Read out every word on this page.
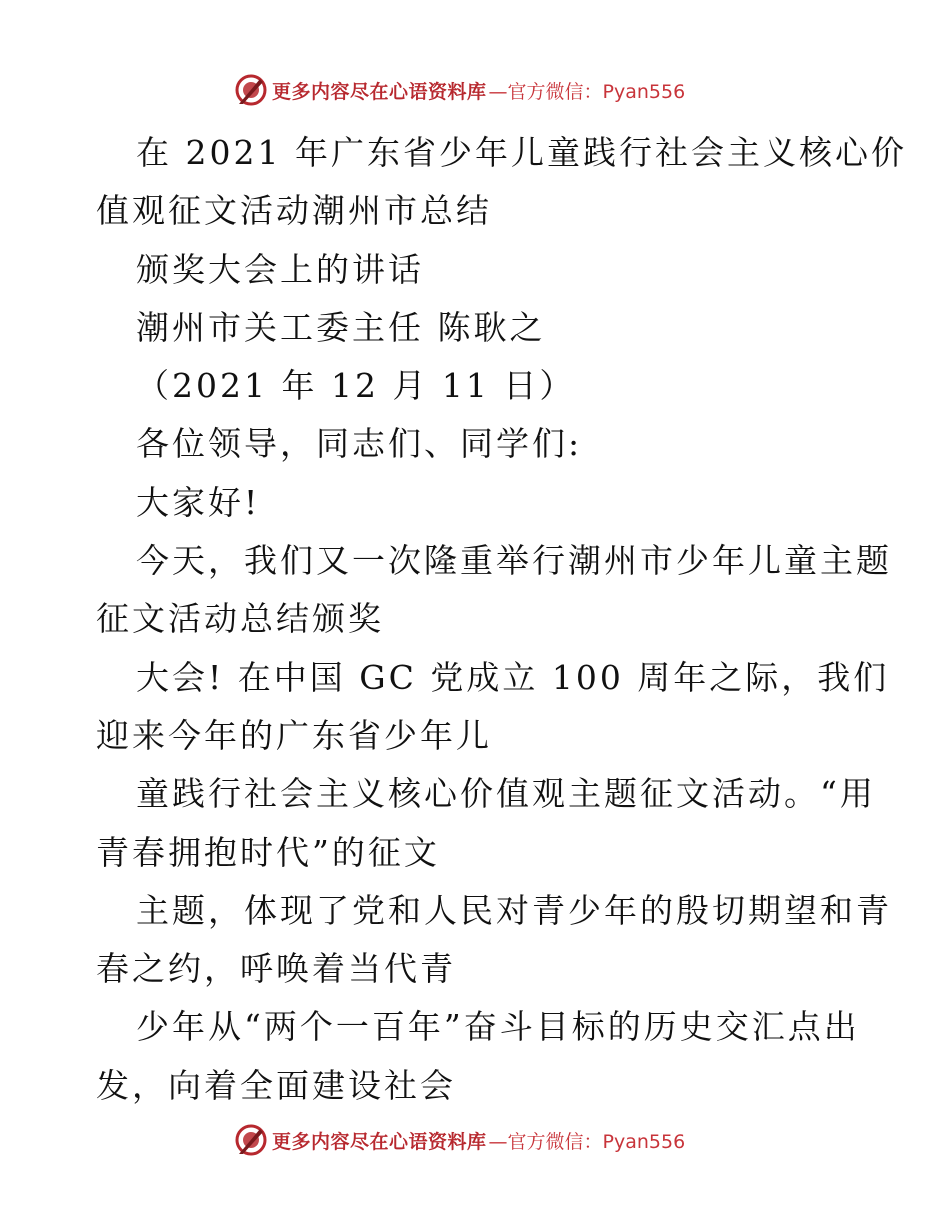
更多内容尽在心语资料库 —官方微信：Pyan556
在 2021 年广东省少年儿童践行社会主义核心价
值观征文活动潮州市总结
颁奖大会上的讲话
潮州市关工委主任 陈耿之
（2021 年 12 月 11 日）
各位领导，同志们、同学们:
大家好!
今天，我们又一次隆重举行潮州市少年儿童主题
征文活动总结颁奖
大会! 在中国 GC 党成立 100 周年之际，我们
迎来今年的广东省少年儿
童践行社会主义核心价值观主题征文活动。“用
青春拥抱时代”的征文
主题，体现了党和人民对青少年的殷切期望和青
春之约，呼唤着当代青
少年从“两个一百年”奋斗目标的历史交汇点出
发，向着全面建设社会
更多内容尽在心语资料库 —官方微信：Pyan556
